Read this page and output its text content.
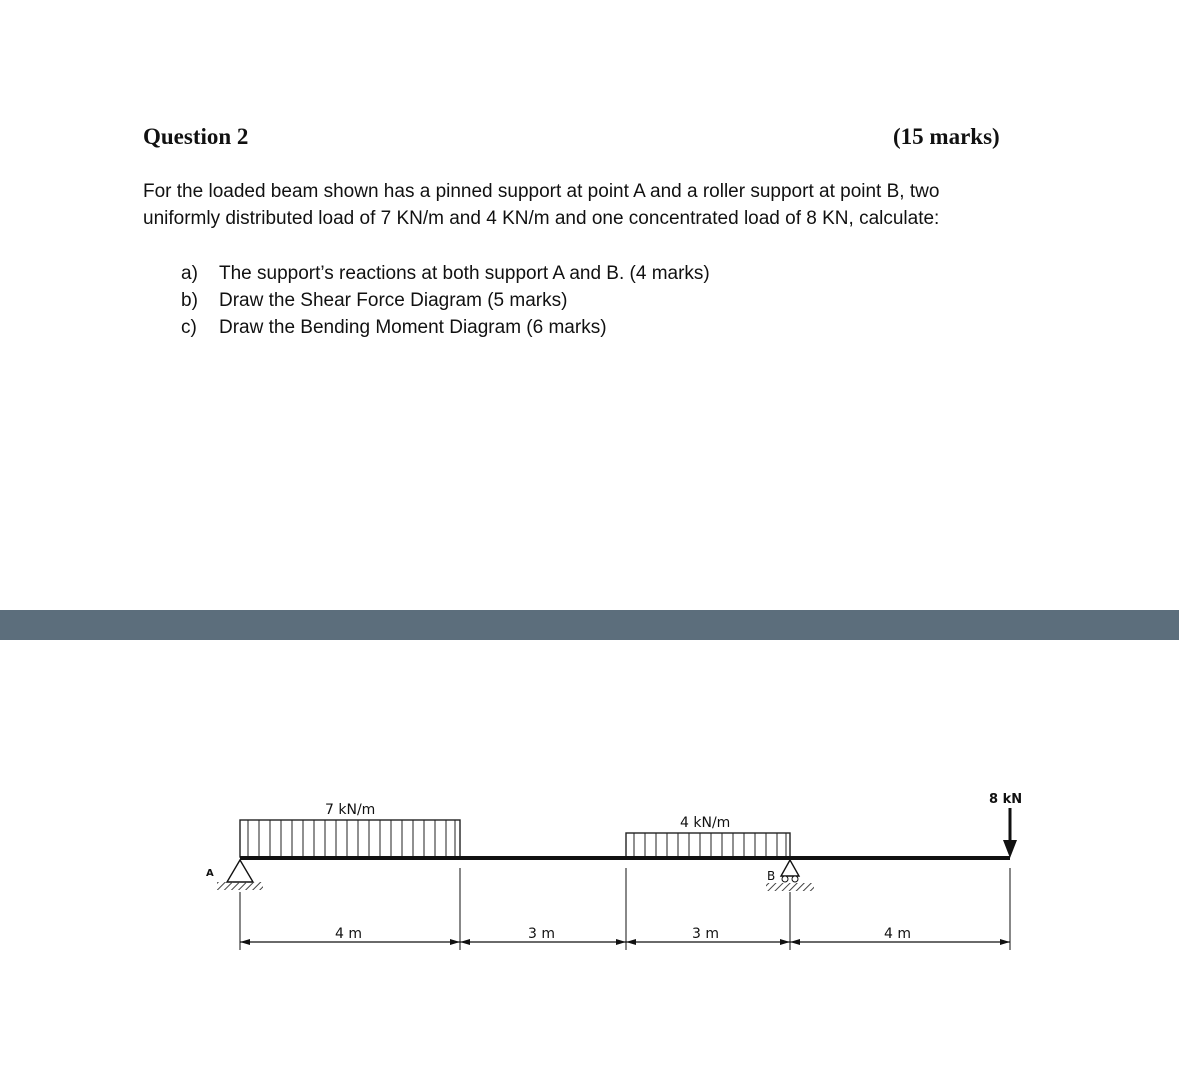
Question 2	(15 marks)

For the loaded beam shown has a pinned support at point A and a roller support at point B, two

uniformly distributed load of 7 KN/m and 4 KN/m and one concentrated load of 8 KN, calculate:

a)	The support’s reactions at both support A and B. (4 marks)
b)	Draw the Shear Force Diagram (5 marks)
c)	Draw the Bending Moment Diagram (6 marks)
7 kN/m
4 kN/m
8 kN
A	B
4 m	3 m	3 m	4 m
